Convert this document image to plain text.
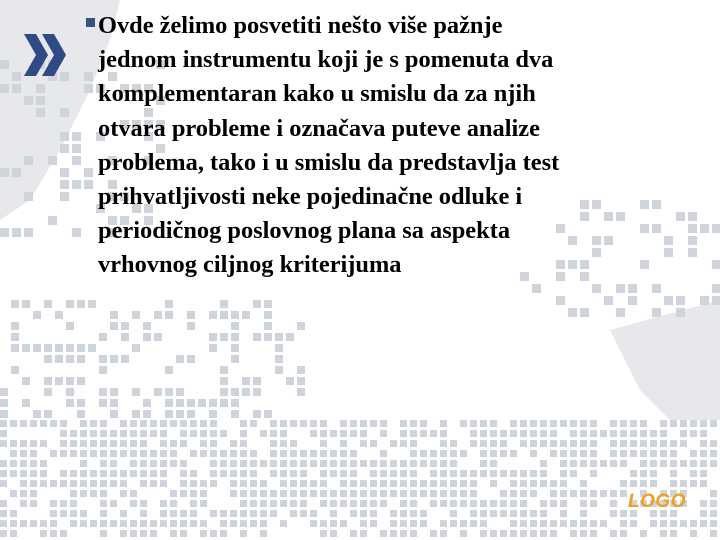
Ovde želimo posvetiti nešto više pažnje
jednom instrumentu koji je s pomenuta dva
komplementaran kako u smislu da za njih
otvara probleme i označava puteve analize
problema, tako i u smislu da predstavlja test
prihvatljivosti neke pojedinačne odluke i
periodičnog poslovnog plana sa aspekta
vrhovnog ciljnog kriterijuma
LOGO
